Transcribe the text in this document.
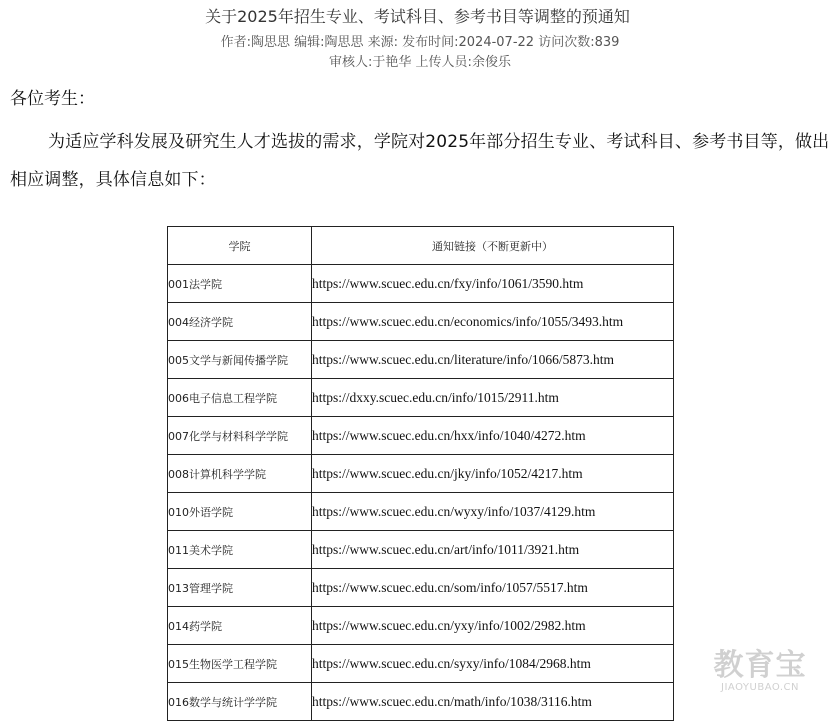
关于2025年招生专业、考试科目、参考书目等调整的预通知
作者:陶思思 编辑:陶思思 来源: 发布时间:2024-07-22 访问次数:839
审核人:于艳华 上传人员:余俊乐
各位考生：
为适应学科发展及研究生人才选拔的需求，学院对2025年部分招生专业、考试科目、参考书目等，做出相应调整，具体信息如下：
学院	通知链接（不断更新中）
001法学院	https://www.scuec.edu.cn/fxy/info/1061/3590.htm
004经济学院	https://www.scuec.edu.cn/economics/info/1055/3493.htm
005文学与新闻传播学院	https://www.scuec.edu.cn/literature/info/1066/5873.htm
006电子信息工程学院	https://dxxy.scuec.edu.cn/info/1015/2911.htm
007化学与材料科学学院	https://www.scuec.edu.cn/hxx/info/1040/4272.htm
008计算机科学学院	https://www.scuec.edu.cn/jky/info/1052/4217.htm
010外语学院	https://www.scuec.edu.cn/wyxy/info/1037/4129.htm
011美术学院	https://www.scuec.edu.cn/art/info/1011/3921.htm
013管理学院	https://www.scuec.edu.cn/som/info/1057/5517.htm
014药学院	https://www.scuec.edu.cn/yxy/info/1002/2982.htm
015生物医学工程学院	https://www.scuec.edu.cn/syxy/info/1084/2968.htm
016数学与统计学学院	https://www.scuec.edu.cn/math/info/1038/3116.htm
教育宝
JIAOYUBAO.CN
